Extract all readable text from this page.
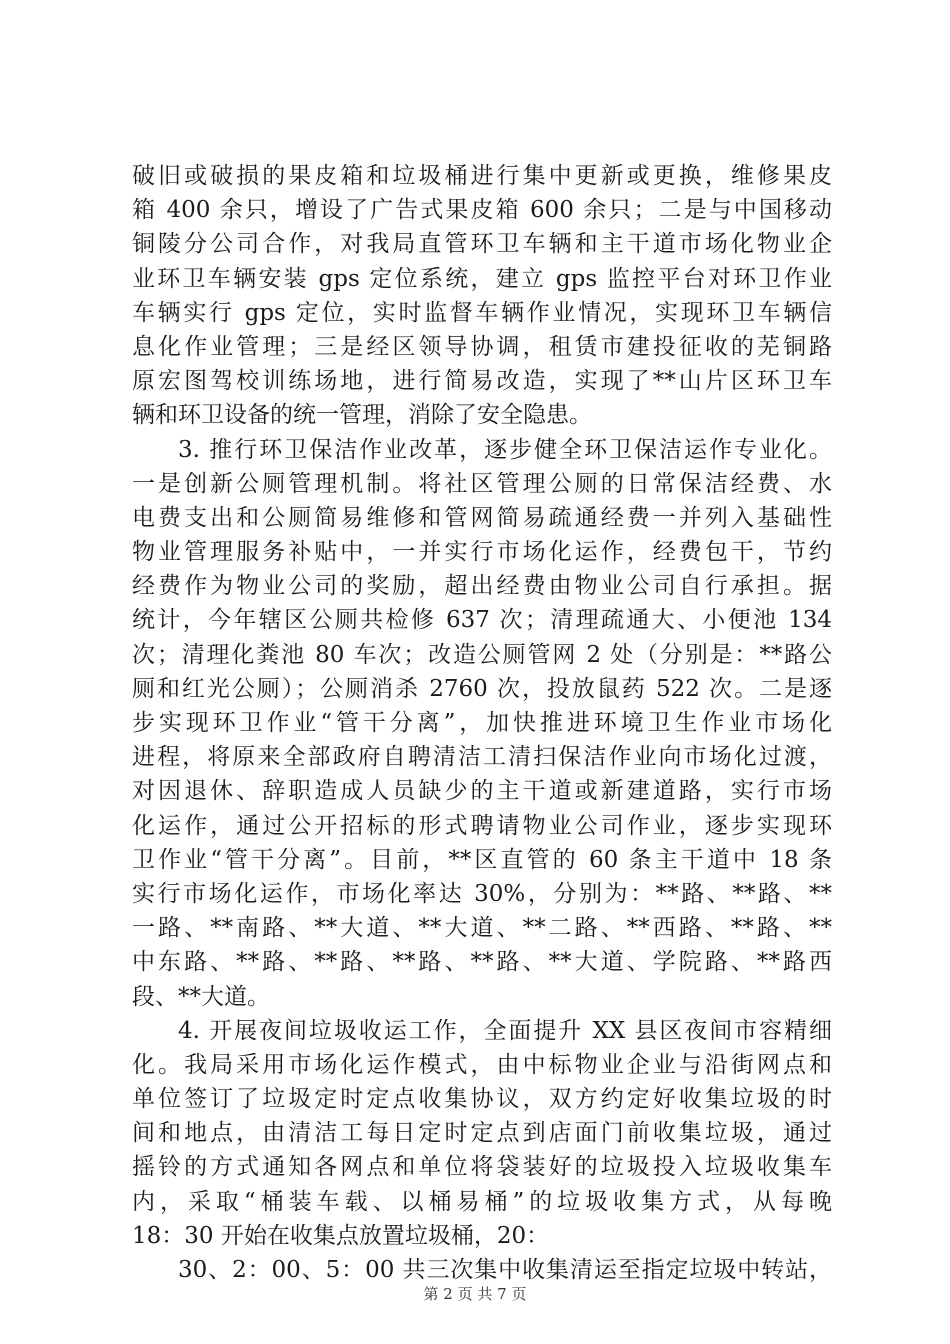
破旧或破损的果皮箱和垃圾桶进行集中更新或更换，维修果皮
箱 400 余只，增设了广告式果皮箱 600 余只；二是与中国移动
铜陵分公司合作，对我局直管环卫车辆和主干道市场化物业企
业环卫车辆安装 gps 定位系统，建立 gps 监控平台对环卫作业
车辆实行 gps 定位，实时监督车辆作业情况，实现环卫车辆信
息化作业管理；三是经区领导协调，租赁市建投征收的芜铜路
原宏图驾校训练场地，进行简易改造，实现了**山片区环卫车
辆和环卫设备的统一管理，消除了安全隐患。
3. 推行环卫保洁作业改革，逐步健全环卫保洁运作专业化。
一是创新公厕管理机制。将社区管理公厕的日常保洁经费、水
电费支出和公厕简易维修和管网简易疏通经费一并列入基础性
物业管理服务补贴中，一并实行市场化运作，经费包干，节约
经费作为物业公司的奖励，超出经费由物业公司自行承担。据
统计，今年辖区公厕共检修 637 次；清理疏通大、小便池 134
次；清理化粪池 80 车次；改造公厕管网 2 处（分别是：**路公
厕和红光公厕）；公厕消杀 2760 次，投放鼠药 522 次。二是逐
步实现环卫作业“管干分离”，加快推进环境卫生作业市场化
进程，将原来全部政府自聘清洁工清扫保洁作业向市场化过渡，
对因退休、辞职造成人员缺少的主干道或新建道路，实行市场
化运作，通过公开招标的形式聘请物业公司作业，逐步实现环
卫作业“管干分离”。目前，**区直管的 60 条主干道中 18 条
实行市场化运作，市场化率达 30%，分别为：**路、**路、**
一路、**南路、**大道、**大道、**二路、**西路、**路、**
中东路、**路、**路、**路、**路、**大道、学院路、**路西
段、**大道。
4. 开展夜间垃圾收运工作，全面提升 XX 县区夜间市容精细
化。我局采用市场化运作模式，由中标物业企业与沿街网点和
单位签订了垃圾定时定点收集协议，双方约定好收集垃圾的时
间和地点，由清洁工每日定时定点到店面门前收集垃圾，通过
摇铃的方式通知各网点和单位将袋装好的垃圾投入垃圾收集车
内，采取“桶装车载、以桶易桶”的垃圾收集方式，从每晚
18：30 开始在收集点放置垃圾桶，20：
30、2：00、5：00 共三次集中收集清运至指定垃圾中转站，
第 2 页 共 7 页
